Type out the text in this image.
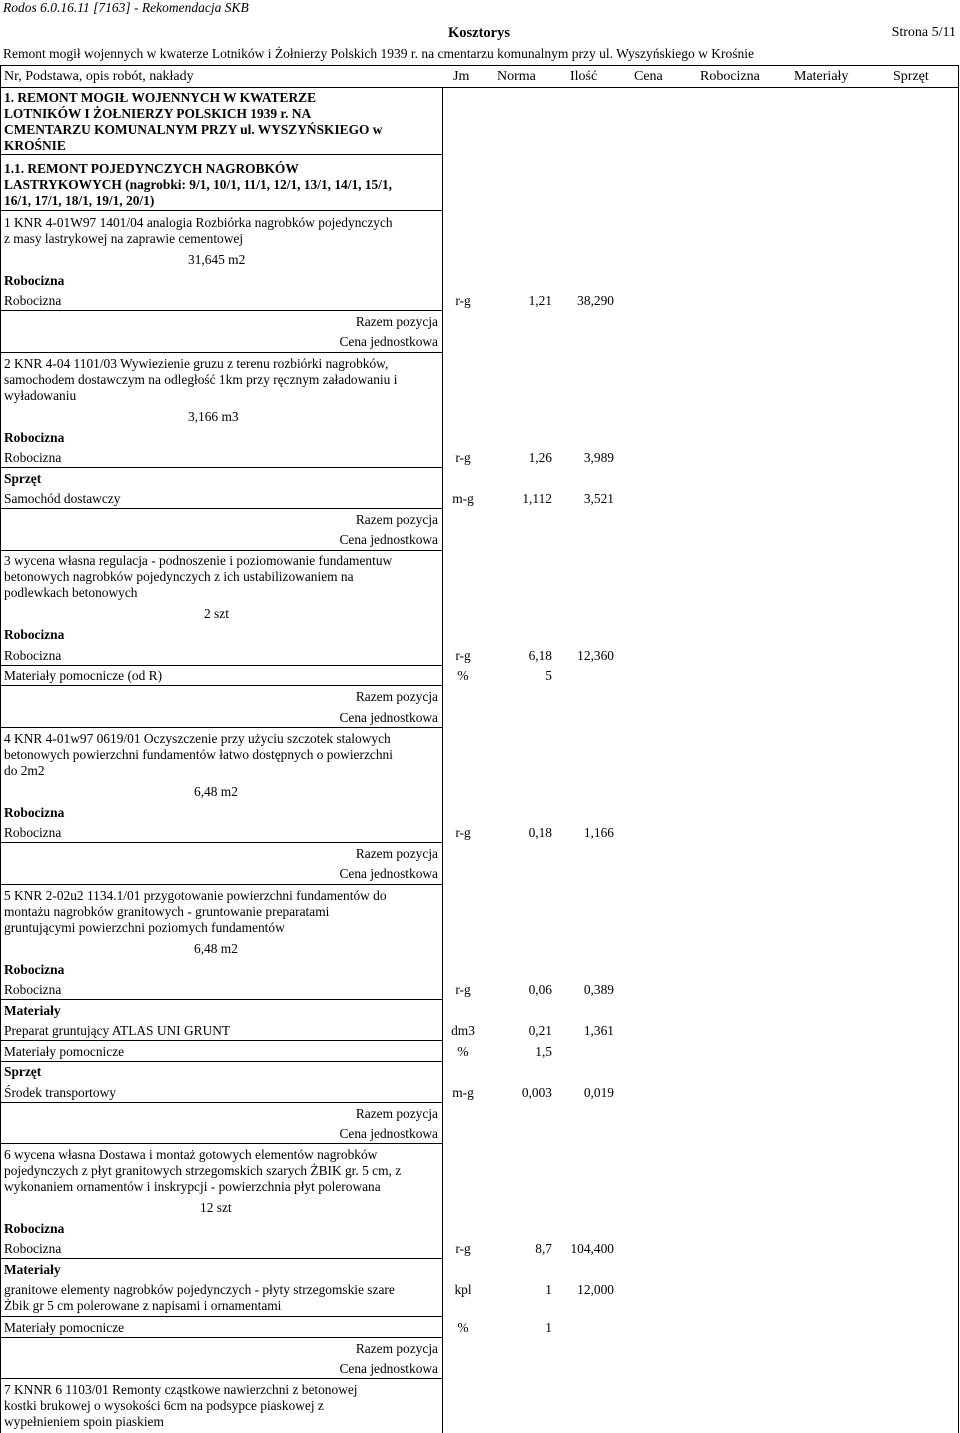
Rodos 6.0.16.11 [7163] - Rekomendacja SKB
Kosztorys	Strona 5/11
Remont mogił wojennych w kwaterze Lotników i Żołnierzy Polskich 1939 r. na cmentarzu komunalnym przy ul. Wyszyńskiego w Krośnie
Nr, Podstawa, opis robót, nakłady	Jm Norma Ilość	Cena	Robocizna Materiały	Sprzęt
1. REMONT MOGIŁ WOJENNYCH W KWATERZE
LOTNIKÓW I ŻOŁNIERZY POLSKICH 1939 r. NA
CMENTARZU KOMUNALNYM PRZY ul. WYSZYŃSKIEGO w
KROŚNIE
1.1. REMONT POJEDYNCZYCH NAGROBKÓW
LASTRYKOWYCH (nagrobki: 9/1, 10/1, 11/1, 12/1, 13/1, 14/1, 15/1,
16/1, 17/1, 18/1, 19/1, 20/1)
1 KNR 4-01W97 1401/04 analogia Rozbiórka nagrobków pojedynczych
z masy lastrykowej na zaprawie cementowej
31,645 m2
Robocizna
Robocizna	r-g	1,21	38,290
Razem pozycja
Cena jednostkowa
2 KNR 4-04 1101/03 Wywiezienie gruzu z terenu rozbiórki nagrobków,
samochodem dostawczym na odległość 1km przy ręcznym załadowaniu i
wyładowaniu
3,166 m3
Robocizna
Robocizna	r-g	1,26	3,989
Sprzęt
Samochód dostawczy	m-g	1,112	3,521
Razem pozycja
Cena jednostkowa
3 wycena własna regulacja - podnoszenie i poziomowanie fundamentuw
betonowych nagrobków pojedynczych z ich ustabilizowaniem na
podlewkach betonowych
2 szt
Robocizna
Robocizna	r-g	6,18	12,360
Materiały pomocnicze (od R)	%	5
Razem pozycja
Cena jednostkowa
4 KNR 4-01w97 0619/01 Oczyszczenie przy użyciu szczotek stalowych
betonowych powierzchni fundamentów łatwo dostępnych o powierzchni
do 2m2
6,48 m2
Robocizna
Robocizna	r-g	0,18	1,166
Razem pozycja
Cena jednostkowa
5 KNR 2-02u2 1134.1/01 przygotowanie powierzchni fundamentów do
montażu nagrobków granitowych - gruntowanie preparatami
gruntującymi powierzchni poziomych fundamentów
6,48 m2
Robocizna
Robocizna	r-g	0,06	0,389
Materiały
Preparat gruntujący ATLAS UNI GRUNT	dm3	0,21	1,361
Materiały pomocnicze	%	1,5
Sprzęt
Środek transportowy	m-g	0,003	0,019
Razem pozycja
Cena jednostkowa
6 wycena własna Dostawa i montaż gotowych elementów nagrobków
pojedynczych z płyt granitowych strzegomskich szarych ŻBIK gr. 5 cm, z
wykonaniem ornamentów i inskrypcji - powierzchnia płyt polerowana
12 szt
Robocizna
Robocizna	r-g	8,7	104,400
Materiały
granitowe elementy nagrobków pojedynczych - płyty strzegomskie szare
Żbik gr 5 cm polerowane z napisami i ornamentami
kpl	1	12,000
Materiały pomocnicze	%	1
Razem pozycja
Cena jednostkowa
7 KNNR 6 1103/01 Remonty cząstkowe nawierzchni z betonowej
kostki brukowej o wysokości 6cm na podsypce piaskowej z
wypełnieniem spoin piaskiem
